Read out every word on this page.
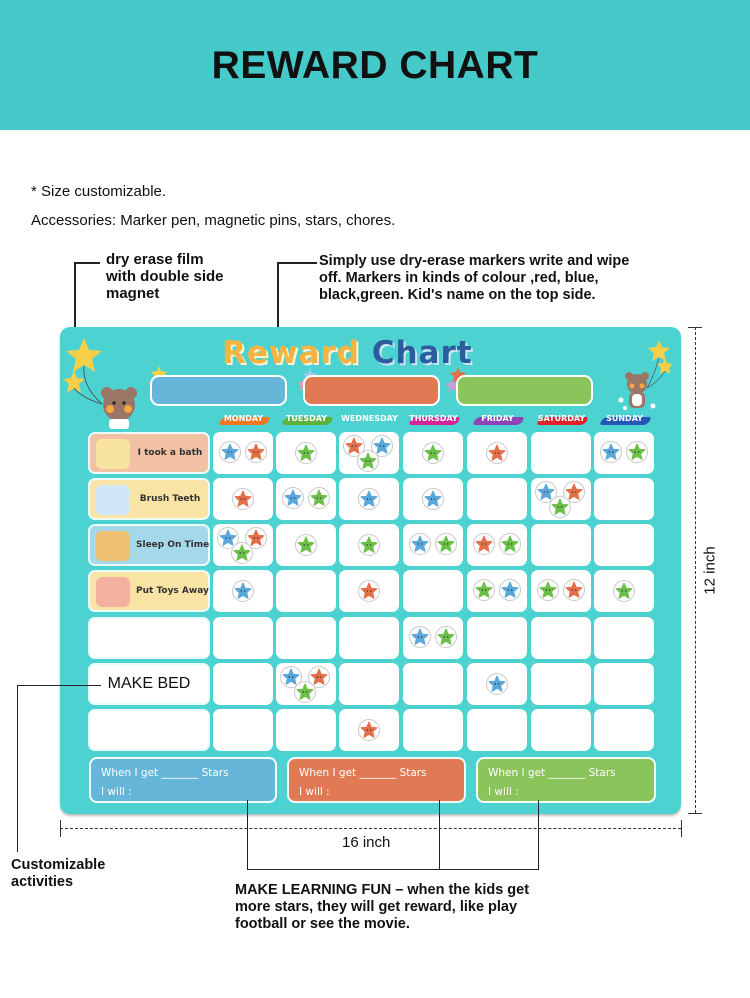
REWARD CHART
* Size customizable.
Accessories: Marker pen, magnetic pins, stars, chores.
dry erase film
with double side
magnet
Simply use dry-erase markers write and wipe
off. Markers in kinds of colour ,red, blue,
black,green. Kid's name on the top side.
Reward Chart
MONDAY	TUESDAY	WEDNESDAY	THURSDAY	FRIDAY	SATURDAY	SUNDAY
I took a bath
Brush Teeth
Sleep On Time
Put Toys Away
MAKE BED
When I get _______ Stars
I will :
When I get _______ Stars
I will :
When I get _______ Stars
I will :
Customizable
activities
16 inch
12 inch
MAKE LEARNING FUN – when the kids get
more stars, they will get reward, like play
football or see the movie.
